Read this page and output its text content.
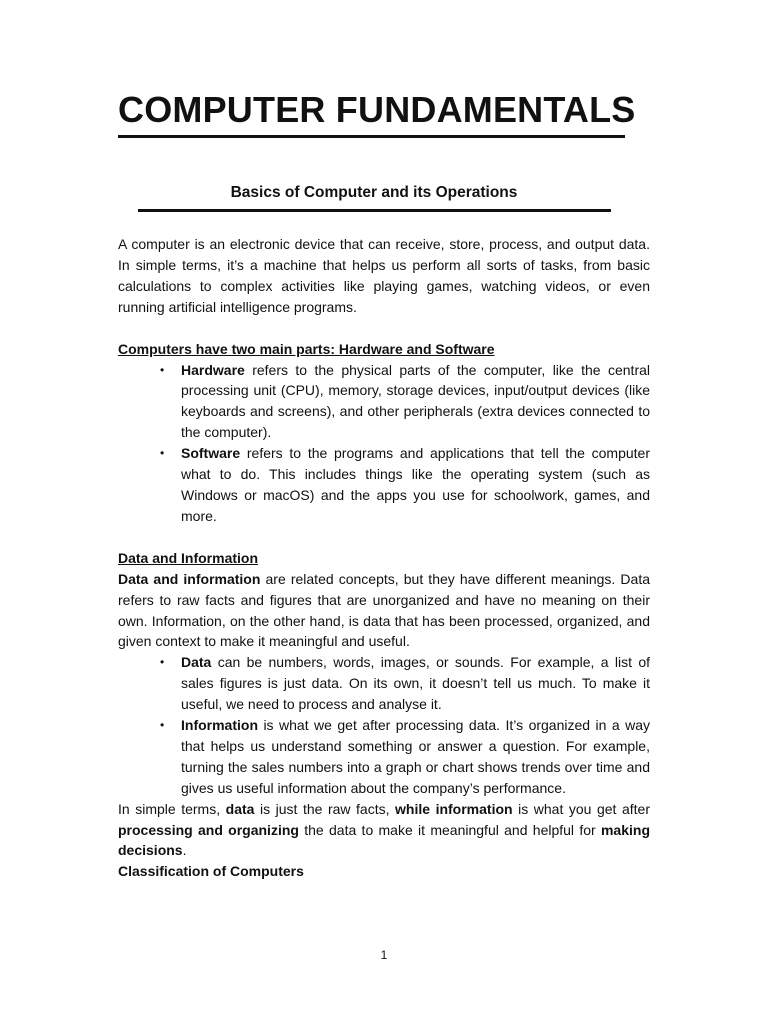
COMPUTER FUNDAMENTALS
Basics of Computer and its Operations

A computer is an electronic device that can receive, store, process, and output data. In simple terms, it’s a machine that helps us perform all sorts of tasks, from basic calculations to complex activities like playing games, watching videos, or even running artificial intelligence programs.

Computers have two main parts: Hardware and Software

• Hardware refers to the physical parts of the computer, like the central processing unit (CPU), memory, storage devices, input/output devices (like keyboards and screens), and other peripherals (extra devices connected to the computer).
• Software refers to the programs and applications that tell the computer what to do. This includes things like the operating system (such as Windows or macOS) and the apps you use for schoolwork, games, and more.

Data and Information

Data and information are related concepts, but they have different meanings. Data refers to raw facts and figures that are unorganized and have no meaning on their own. Information, on the other hand, is data that has been processed, organized, and given context to make it meaningful and useful.

• Data can be numbers, words, images, or sounds. For example, a list of sales figures is just data. On its own, it doesn’t tell us much. To make it useful, we need to process and analyse it.
• Information is what we get after processing data. It’s organized in a way that helps us understand something or answer a question. For example, turning the sales numbers into a graph or chart shows trends over time and gives us useful information about the company’s performance.

In simple terms, data is just the raw facts, while information is what you get after processing and organizing the data to make it meaningful and helpful for making decisions.

Classification of Computers

1
